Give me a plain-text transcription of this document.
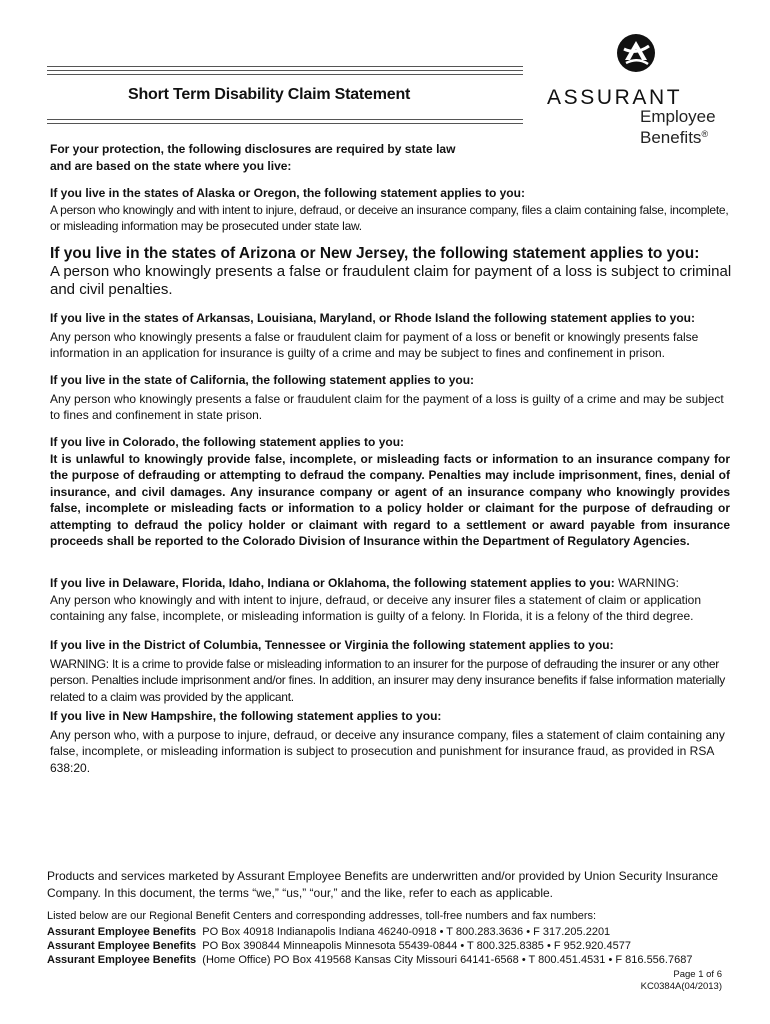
Short Term Disability Claim Statement	ASSURANT
Employee
Benefits®
For your protection, the following disclosures are required by state law
and are based on the state where you live:
If you live in the states of Alaska or Oregon, the following statement applies to you:

A person who knowingly and with intent to injure, defraud, or deceive an insurance company, files a claim containing false, incomplete, or misleading information may be prosecuted under state law.

If you live in the states of Arizona or New Jersey, the following statement applies to you:

A person who knowingly presents a false or fraudulent claim for payment of a loss is subject to criminal and civil penalties.

If you live in the states of Arkansas, Louisiana, Maryland, or Rhode Island the following statement applies to you:

Any person who knowingly presents a false or fraudulent claim for payment of a loss or benefit or knowingly presents false information in an application for insurance is guilty of a crime and may be subject to fines and confinement in prison.

If you live in the state of California, the following statement applies to you:

Any person who knowingly presents a false or fraudulent claim for the payment of a loss is guilty of a crime and may be subject to fines and confinement in state prison.

If you live in Colorado, the following statement applies to you:

It is unlawful to knowingly provide false, incomplete, or misleading facts or information to an insurance company for the purpose of defrauding or attempting to defraud the company. Penalties may include imprisonment, fines, denial of insurance, and civil damages. Any insurance company or agent of an insurance company who knowingly provides false, incomplete or misleading facts or information to a policy holder or claimant for the purpose of defrauding or attempting to defraud the policy holder or claimant with regard to a settlement or award payable from insurance proceeds shall be reported to the Colorado Division of Insurance within the Department of Regulatory Agencies.

If you live in Delaware, Florida, Idaho, Indiana or Oklahoma, the following statement applies to you: WARNING:

Any person who knowingly and with intent to injure, defraud, or deceive any insurer files a statement of claim or application containing any false, incomplete, or misleading information is guilty of a felony. In Florida, it is a felony of the third degree.

If you live in the District of Columbia, Tennessee or Virginia the following statement applies to you:

WARNING: It is a crime to provide false or misleading information to an insurer for the purpose of defrauding the insurer or any other person. Penalties include imprisonment and/or fines. In addition, an insurer may deny insurance benefits if false information materially related to a claim was provided by the applicant.

If you live in New Hampshire, the following statement applies to you:

Any person who, with a purpose to injure, defraud, or deceive any insurance company, files a statement of claim containing any false, incomplete, or misleading information is subject to prosecution and punishment for insurance fraud, as provided in RSA 638:20.

Products and services marketed by Assurant Employee Benefits are underwritten and/or provided by Union Security Insurance Company. In this document, the terms “we,” “us,” “our,” and the like, refer to each as applicable.
Listed below are our Regional Benefit Centers and corresponding addresses, toll-free numbers and fax numbers:
Assurant Employee Benefits PO Box 40918 Indianapolis Indiana 46240-0918 • T 800.283.3636 • F 317.205.2201
Assurant Employee Benefits PO Box 390844 Minneapolis Minnesota 55439-0844 • T 800.325.8385 • F 952.920.4577
Assurant Employee Benefits (Home Office) PO Box 419568 Kansas City Missouri 64141-6568 • T 800.451.4531 • F 816.556.7687
Page 1 of 6
KC0384A(04/2013)
